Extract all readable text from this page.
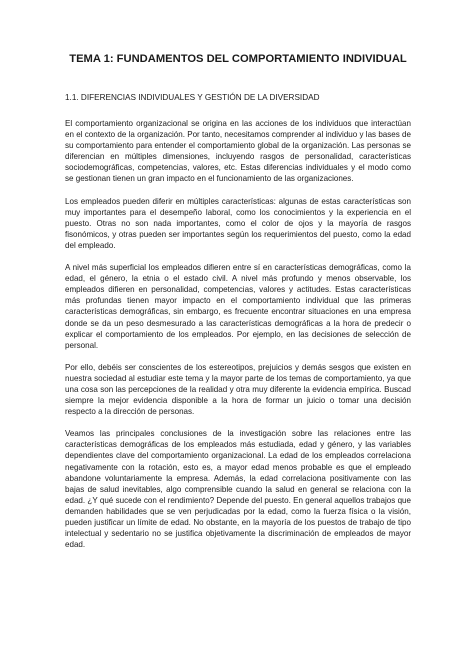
TEMA 1: FUNDAMENTOS DEL COMPORTAMIENTO INDIVIDUAL
1.1. DIFERENCIAS INDIVIDUALES Y GESTIÓN DE LA DIVERSIDAD

El comportamiento organizacional se origina en las acciones de los individuos que interactúan en el contexto de la organización. Por tanto, necesitamos comprender al individuo y las bases de su comportamiento para entender el comportamiento global de la organización. Las personas se diferencian en múltiples dimensiones, incluyendo rasgos de personalidad, características sociodemográficas, competencias, valores, etc. Estas diferencias individuales y el modo como se gestionan tienen un gran impacto en el funcionamiento de las organizaciones.

Los empleados pueden diferir en múltiples características: algunas de estas características son muy importantes para el desempeño laboral, como los conocimientos y la experiencia en el puesto. Otras no son nada importantes, como el color de ojos y la mayoría de rasgos fisonómicos, y otras pueden ser importantes según los requerimientos del puesto, como la edad del empleado.

A nivel más superficial los empleados difieren entre sí en características demográficas, como la edad, el género, la etnia o el estado civil. A nivel más profundo y menos observable, los empleados difieren en personalidad, competencias, valores y actitudes. Estas características más profundas tienen mayor impacto en el comportamiento individual que las primeras características demográficas, sin embargo, es frecuente encontrar situaciones en una empresa donde se da un peso desmesurado a las características demográficas a la hora de predecir o explicar el comportamiento de los empleados. Por ejemplo, en las decisiones de selección de personal.

Por ello, debéis ser conscientes de los estereotipos, prejuicios y demás sesgos que existen en nuestra sociedad al estudiar este tema y la mayor parte de los temas de comportamiento, ya que una cosa son las percepciones de la realidad y otra muy diferente la evidencia empírica. Buscad siempre la mejor evidencia disponible a la hora de formar un juicio o tomar una decisión respecto a la dirección de personas.

Veamos las principales conclusiones de la investigación sobre las relaciones entre las características demográficas de los empleados más estudiada, edad y género, y las variables dependientes clave del comportamiento organizacional. La edad de los empleados correlaciona negativamente con la rotación, esto es, a mayor edad menos probable es que el empleado abandone voluntariamente la empresa. Además, la edad correlaciona positivamente con las bajas de salud inevitables, algo comprensible cuando la salud en general se relaciona con la edad. ¿Y qué sucede con el rendimiento? Depende del puesto. En general aquellos trabajos que demanden habilidades que se ven perjudicadas por la edad, como la fuerza física o la visión, pueden justificar un límite de edad. No obstante, en la mayoría de los puestos de trabajo de tipo intelectual y sedentario no se justifica objetivamente la discriminación de empleados de mayor edad.
